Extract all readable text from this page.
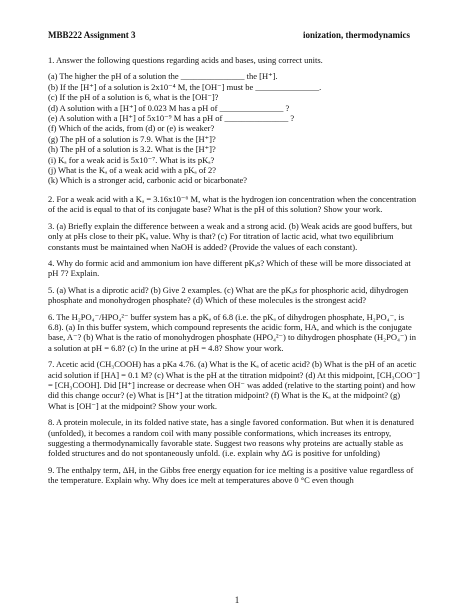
MBB222 Assignment 3	ionization, thermodynamics

1. Answer the following questions regarding acids and bases, using correct units.

(a) The higher the pH of a solution the _______________ the [H⁺].
(b) If the [H⁺] of a solution is 2x10⁻⁴ M, the [OH⁻] must be _______________.
(c) If the pH of a solution is 6, what is the [OH⁻]?
(d) A solution with a [H⁺] of 0.023 M has a pH of _______________ ?
(e) A solution with a [H⁺] of 5x10⁻⁹ M has a pH of _______________ ?
(f) Which of the acids, from (d) or (e) is weaker?
(g) The pH of a solution is 7.9. What is the [H⁺]?
(h) The pH of a solution is 3.2. What is the [H⁺]?
(i) Kₐ for a weak acid is 5x10⁻⁷. What is its pKₐ?
(j) What is the Kₐ of a weak acid with a pKₐ of 2?
(k) Which is a stronger acid, carbonic acid or bicarbonate?

2. For a weak acid with a Kₐ = 3.16x10⁻⁶ M, what is the hydrogen ion concentration when the concentration of the acid is equal to that of its conjugate base? What is the pH of this solution? Show your work.

3. (a) Briefly explain the difference between a weak and a strong acid. (b) Weak acids are good buffers, but only at pHs close to their pKₐ value. Why is that? (c) For titration of lactic acid, what two equilibrium constants must be maintained when NaOH is added? (Provide the values of each constant).

4. Why do formic acid and ammonium ion have different pKₐs? Which of these will be more dissociated at pH 7? Explain.

5. (a) What is a diprotic acid? (b) Give 2 examples. (c) What are the pKₐs for phosphoric acid, dihydrogen phosphate and monohydrogen phosphate? (d) Which of these molecules is the strongest acid?

6. The H₂PO₄⁻/HPO₄²⁻ buffer system has a pKₐ of 6.8 (i.e. the pKₐ of dihydrogen phosphate, H₂PO₄⁻, is 6.8). (a) In this buffer system, which compound represents the acidic form, HA, and which is the conjugate base, A⁻? (b) What is the ratio of monohydrogen phosphate (HPO₄²⁻) to dihydrogen phosphate (H₂PO₄⁻) in a solution at pH = 6.8? (c) In the urine at pH = 4.8? Show your work.

7. Acetic acid (CH₃COOH) has a pKa 4.76. (a) What is the Kₐ of acetic acid? (b) What is the pH of an acetic acid solution if [HA] = 0.1 M? (c) What is the pH at the titration midpoint? (d) At this midpoint, [CH₃COO⁻] = [CH₃COOH]. Did [H⁺] increase or decrease when OH⁻ was added (relative to the starting point) and how did this change occur? (e) What is [H⁺] at the titration midpoint? (f) What is the Kₐ at the midpoint? (g) What is [OH⁻] at the midpoint? Show your work.

8. A protein molecule, in its folded native state, has a single favored conformation. But when it is denatured (unfolded), it becomes a random coil with many possible conformations, which increases its entropy, suggesting a thermodynamically favorable state. Suggest two reasons why proteins are actually stable as folded structures and do not spontaneously unfold. (i.e. explain why ΔG is positive for unfolding)

9. The enthalpy term, ΔH, in the Gibbs free energy equation for ice melting is a positive value regardless of the temperature. Explain why. Why does ice melt at temperatures above 0 °C even though

1
